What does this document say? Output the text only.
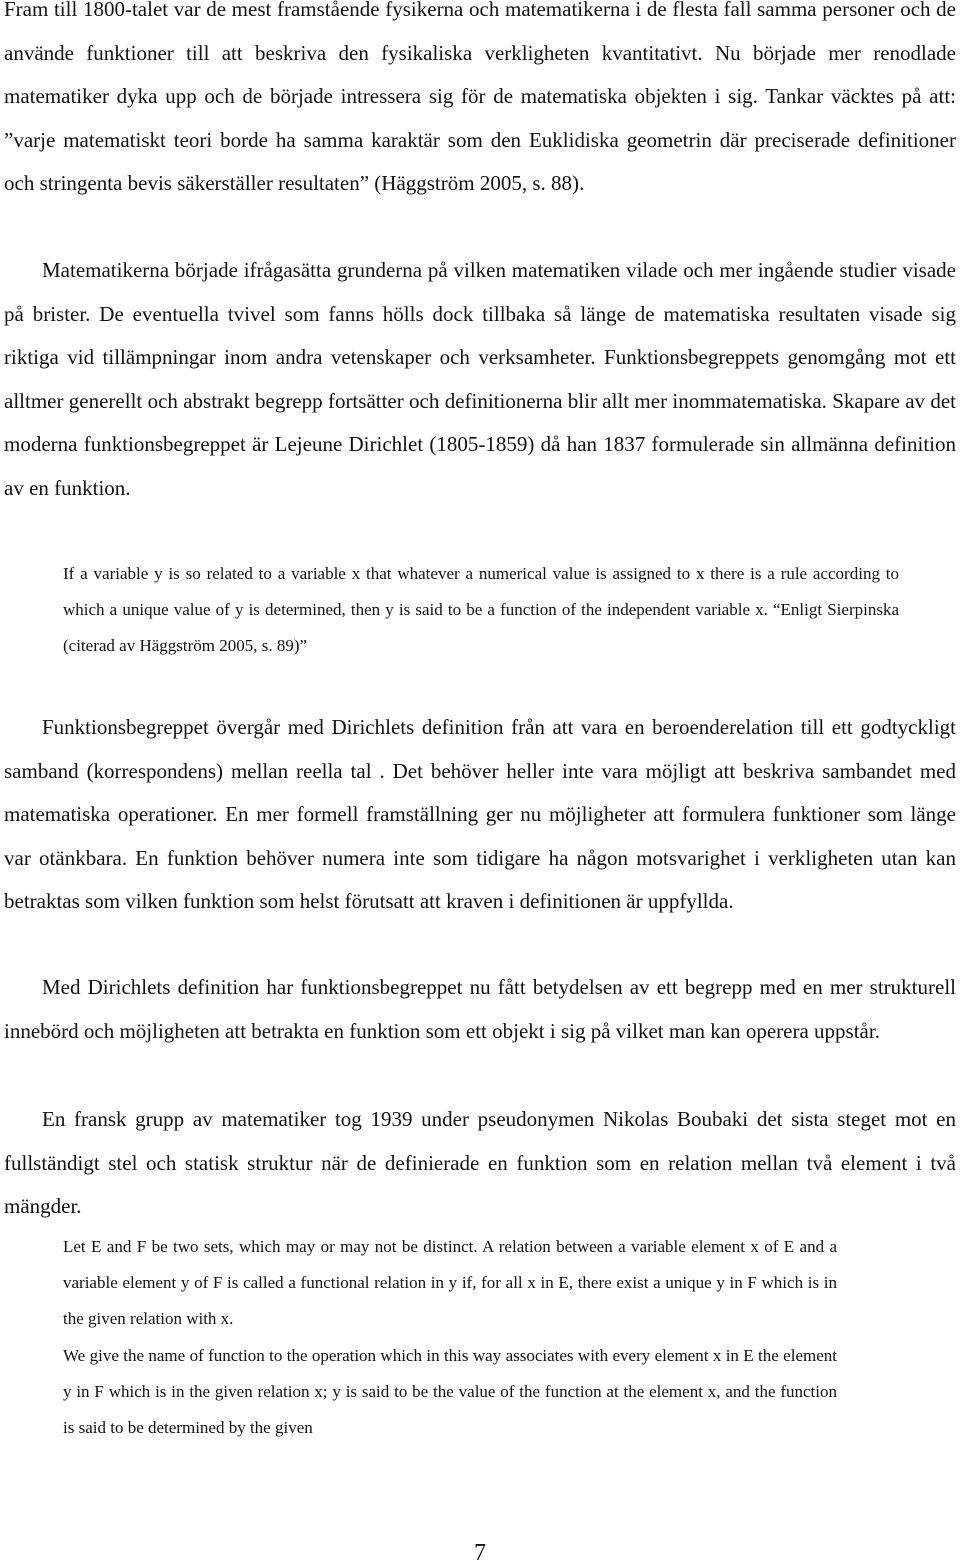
Fram till 1800-talet var de mest framstående fysikerna och matematikerna i de flesta fall samma personer och de använde funktioner till att beskriva den fysikaliska verkligheten kvantitativt. Nu började mer renodlade matematiker dyka upp och de började intressera sig för de matematiska objekten i sig. Tankar väcktes på att: ”varje matematiskt teori borde ha samma karaktär som den Euklidiska geometrin där preciserade definitioner och stringenta bevis säkerställer resultaten” (Häggström 2005, s. 88).

Matematikerna började ifrågasätta grunderna på vilken matematiken vilade och mer ingående studier visade på brister. De eventuella tvivel som fanns hölls dock tillbaka så länge de matematiska resultaten visade sig riktiga vid tillämpningar inom andra vetenskaper och verksamheter. Funktionsbegreppets genomgång mot ett alltmer generellt och abstrakt begrepp fortsätter och definitionerna blir allt mer inommatematiska. Skapare av det moderna funktionsbegreppet är Lejeune Dirichlet (1805-1859) då han 1837 formulerade sin allmänna definition av en funktion.

If a variable y is so related to a variable x that whatever a numerical value is assigned to x there is a rule according to which a unique value of y is determined, then y is said to be a function of the independent variable x. “Enligt Sierpinska (citerad av Häggström 2005, s. 89)”

Funktionsbegreppet övergår med Dirichlets definition från att vara en beroenderelation till ett godtyckligt samband (korrespondens) mellan reella tal . Det behöver heller inte vara möjligt att beskriva sambandet med matematiska operationer. En mer formell framställning ger nu möjligheter att formulera funktioner som länge var otänkbara. En funktion behöver numera inte som tidigare ha någon motsvarighet i verkligheten utan kan betraktas som vilken funktion som helst förutsatt att kraven i definitionen är uppfyllda.

Med Dirichlets definition har funktionsbegreppet nu fått betydelsen av ett begrepp med en mer strukturell innebörd och möjligheten att betrakta en funktion som ett objekt i sig på vilket man kan operera uppstår.

En fransk grupp av matematiker tog 1939 under pseudonymen Nikolas Boubaki det sista steget mot en fullständigt stel och statisk struktur när de definierade en funktion som en relation mellan två element i två mängder.

Let E and F be two sets, which may or may not be distinct. A relation between a variable element x of E and a variable element y of F is called a functional relation in y if, for all x in E, there exist a unique y in F which is in the given relation with x.

We give the name of function to the operation which in this way associates with every element x in E the element y in F which is in the given relation x; y is said to be the value of the function at the element x, and the function is said to be determined by the given

7
